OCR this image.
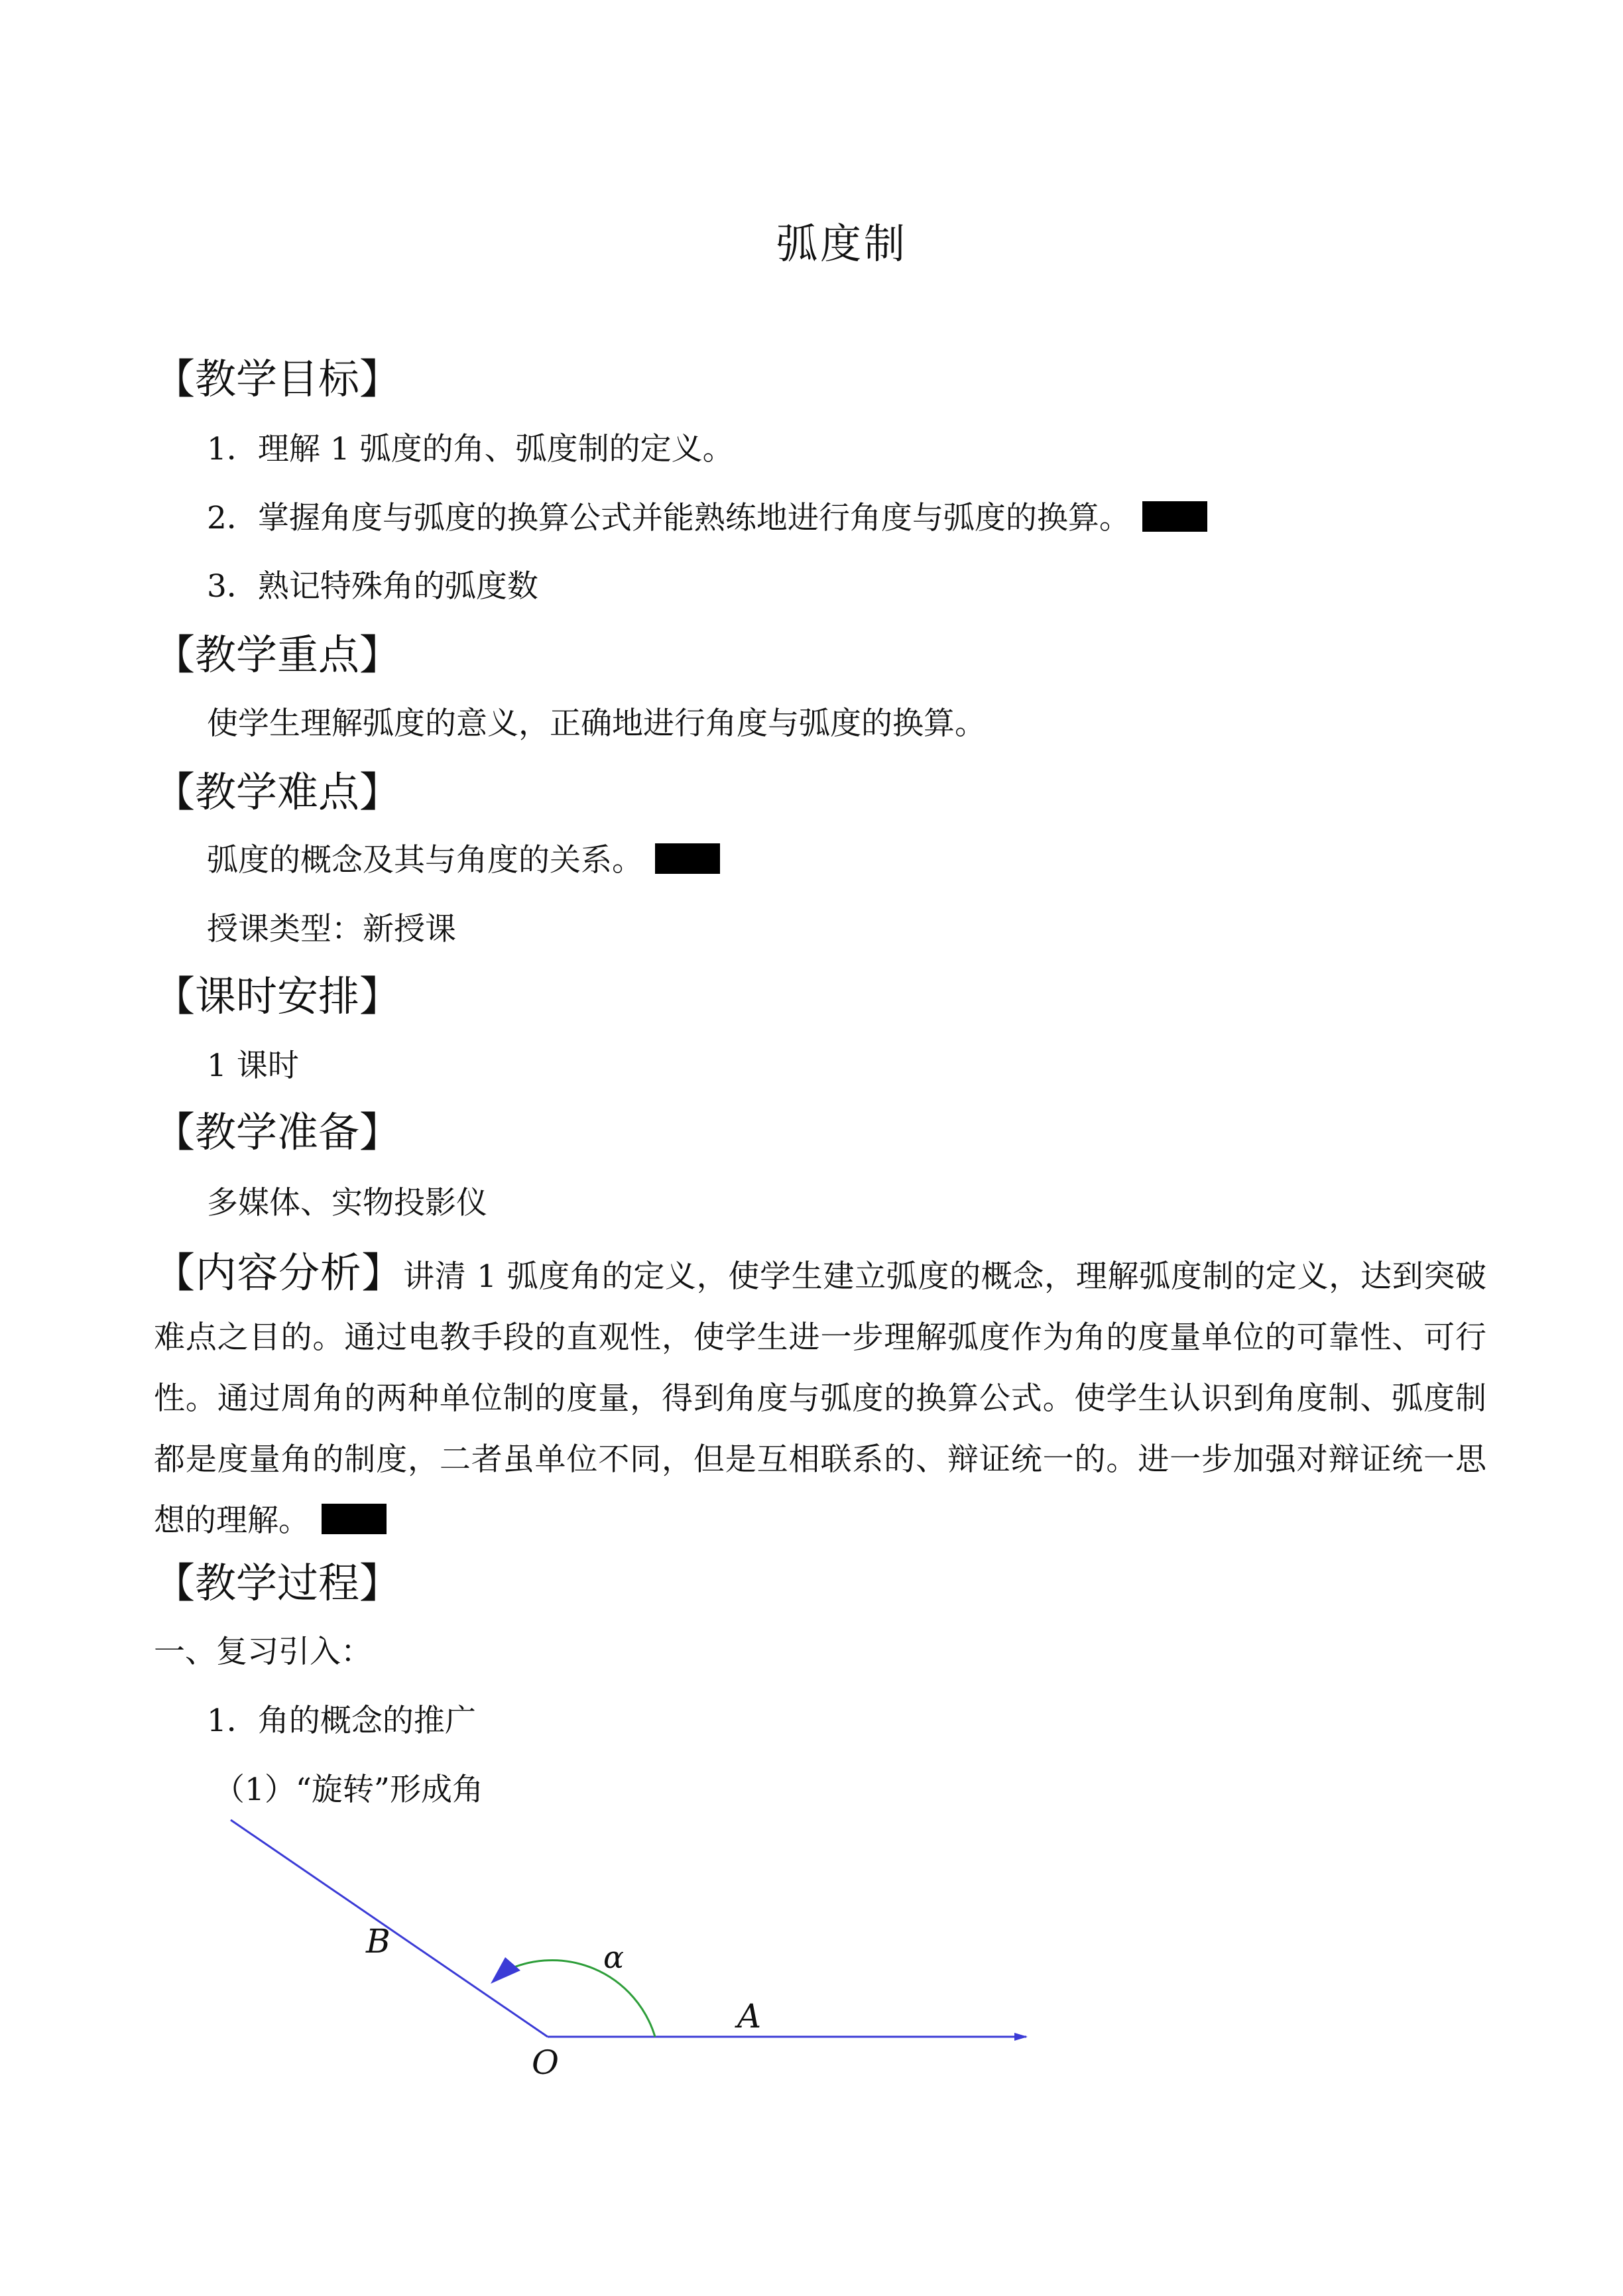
弧度制
【教学目标】
1．理解 1 弧度的角、弧度制的定义。
2．掌握角度与弧度的换算公式并能熟练地进行角度与弧度的换算。
3．熟记特殊角的弧度数
【教学重点】
使学生理解弧度的意义，正确地进行角度与弧度的换算。
【教学难点】
弧度的概念及其与角度的关系。
授课类型：新授课
【课时安排】
1 课时
【教学准备】
多媒体、实物投影仪
【内容分析】讲清 1 弧度角的定义，使学生建立弧度的概念，理解弧度制的定义，达到突破难点之目的。通过电教手段的直观性，使学生进一步理解弧度作为角的度量单位的可靠性、可行性。通过周角的两种单位制的度量，得到角度与弧度的换算公式。使学生认识到角度制、弧度制都是度量角的制度，二者虽单位不同，但是互相联系的、辩证统一的。进一步加强对辩证统一思想的理解。
【教学过程】
一、复习引入：
1．角的概念的推广
（1）“旋转”形成角
B	α
A
O
